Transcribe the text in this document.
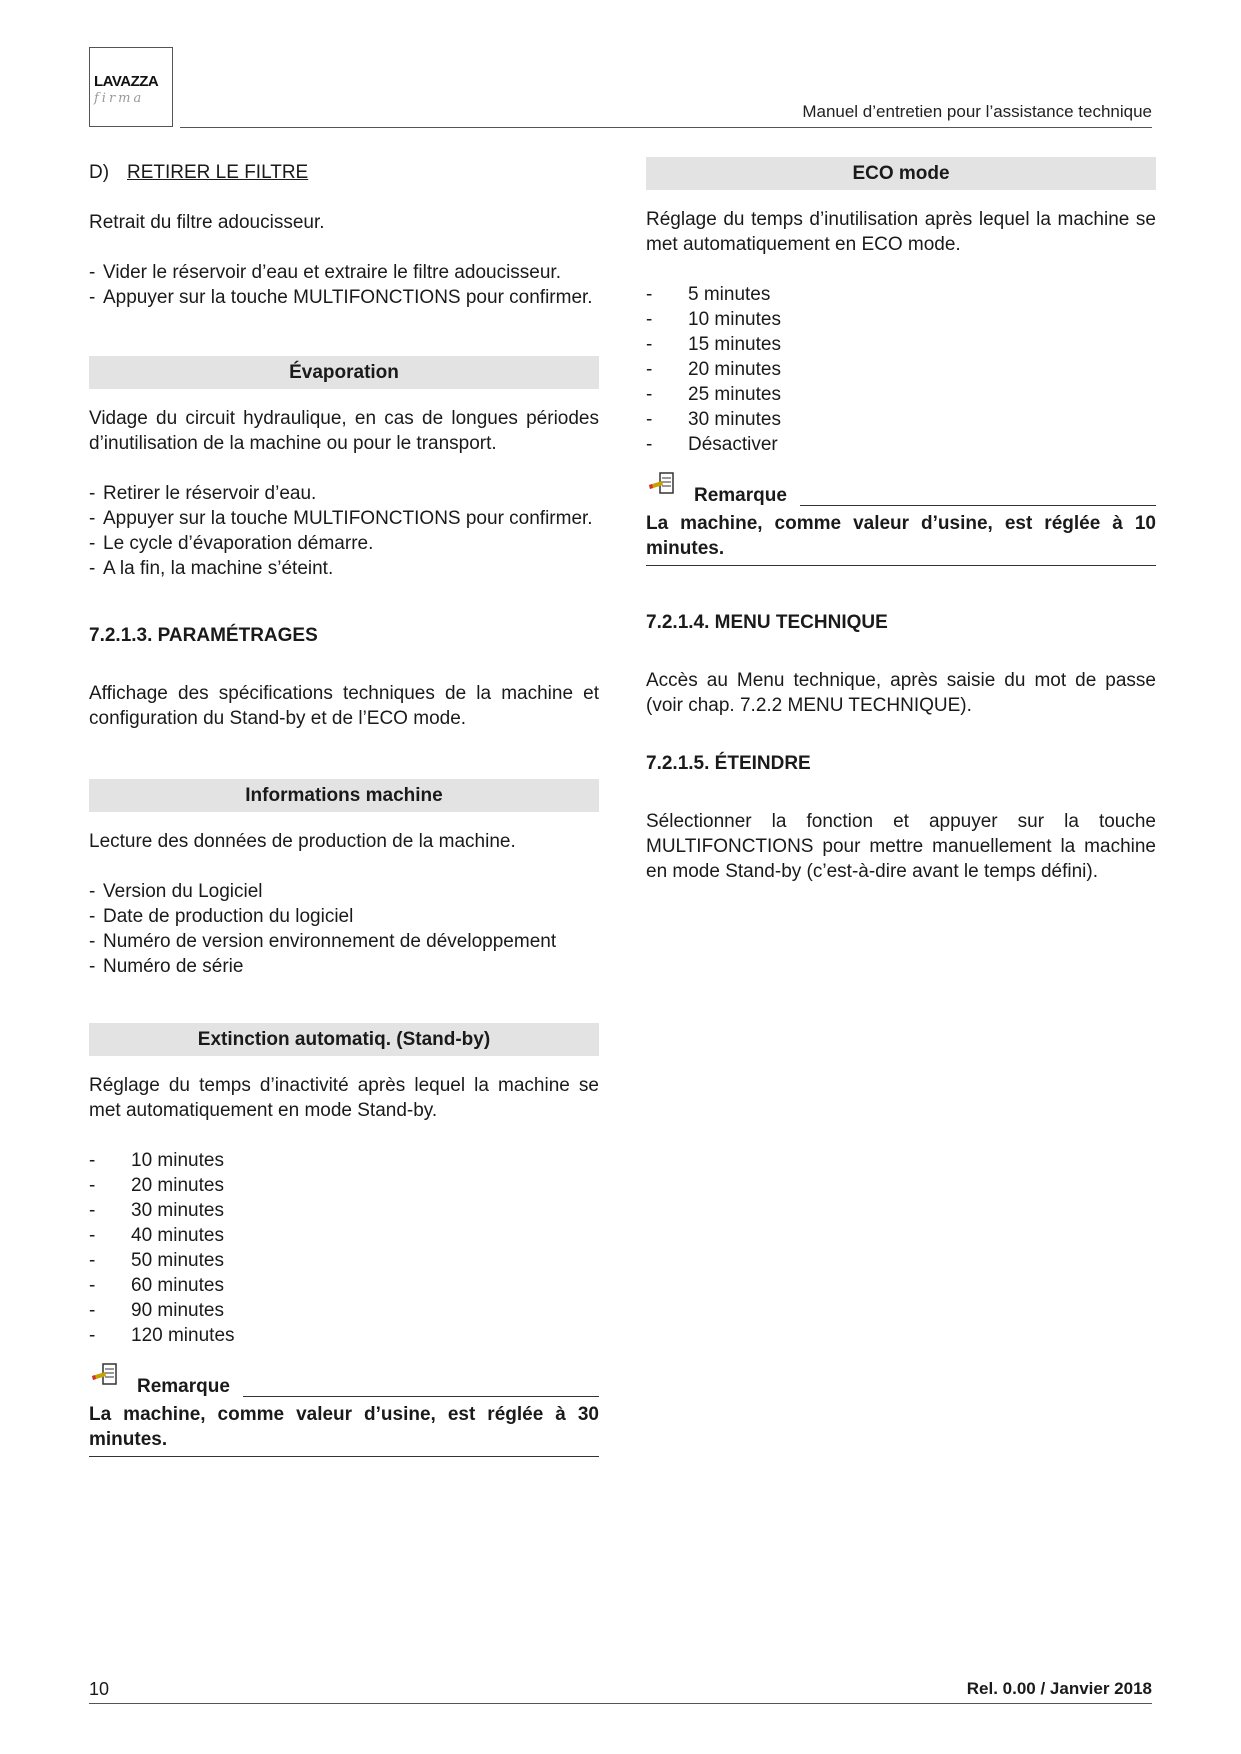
LAVAZZA
firma
Manuel d’entretien pour l’assistance technique

D) RETIRER LE FILTRE

Retrait du filtre adoucisseur.

- Vider le réservoir d’eau et extraire le filtre adoucisseur.
- Appuyer sur la touche MULTIFONCTIONS pour confirmer.
Évaporation

Vidage du circuit hydraulique, en cas de longues périodes d’inutilisation de la machine ou pour le transport.

- Retirer le réservoir d’eau.
- Appuyer sur la touche MULTIFONCTIONS pour confirmer.
- Le cycle d’évaporation démarre.
- A la fin, la machine s’éteint.

7.2.1.3. PARAMÉTRAGES

Affichage des spécifications techniques de la machine et configuration du Stand-by et de l’ECO mode.

Informations machine

Lecture des données de production de la machine.

- Version du Logiciel
- Date de production du logiciel
- Numéro de version environnement de développement
- Numéro de série
Extinction automatiq. (Stand-by)

Réglage du temps d’inactivité après lequel la machine se met automatiquement en mode Stand-by.

- 10 minutes
- 20 minutes
- 30 minutes
- 40 minutes
- 50 minutes
- 60 minutes
- 90 minutes
- 120 minutes
Remarque
La machine, comme valeur d’usine, est réglée à 30 minutes.
ECO mode

Réglage du temps d’inutilisation après lequel la machine se met automatiquement en ECO mode.

- 5 minutes
- 10 minutes
- 15 minutes
- 20 minutes
- 25 minutes
- 30 minutes
- Désactiver
Remarque
La machine, comme valeur d’usine, est réglée à 10 minutes.

7.2.1.4. MENU TECHNIQUE

Accès au Menu technique, après saisie du mot de passe (voir chap. 7.2.2 MENU TECHNIQUE).

7.2.1.5. ÉTEINDRE

Sélectionner la fonction et appuyer sur la touche MULTIFONCTIONS pour mettre manuellement la machine en mode Stand-by (c’est-à-dire avant le temps défini).

10	Rel. 0.00 / Janvier 2018
